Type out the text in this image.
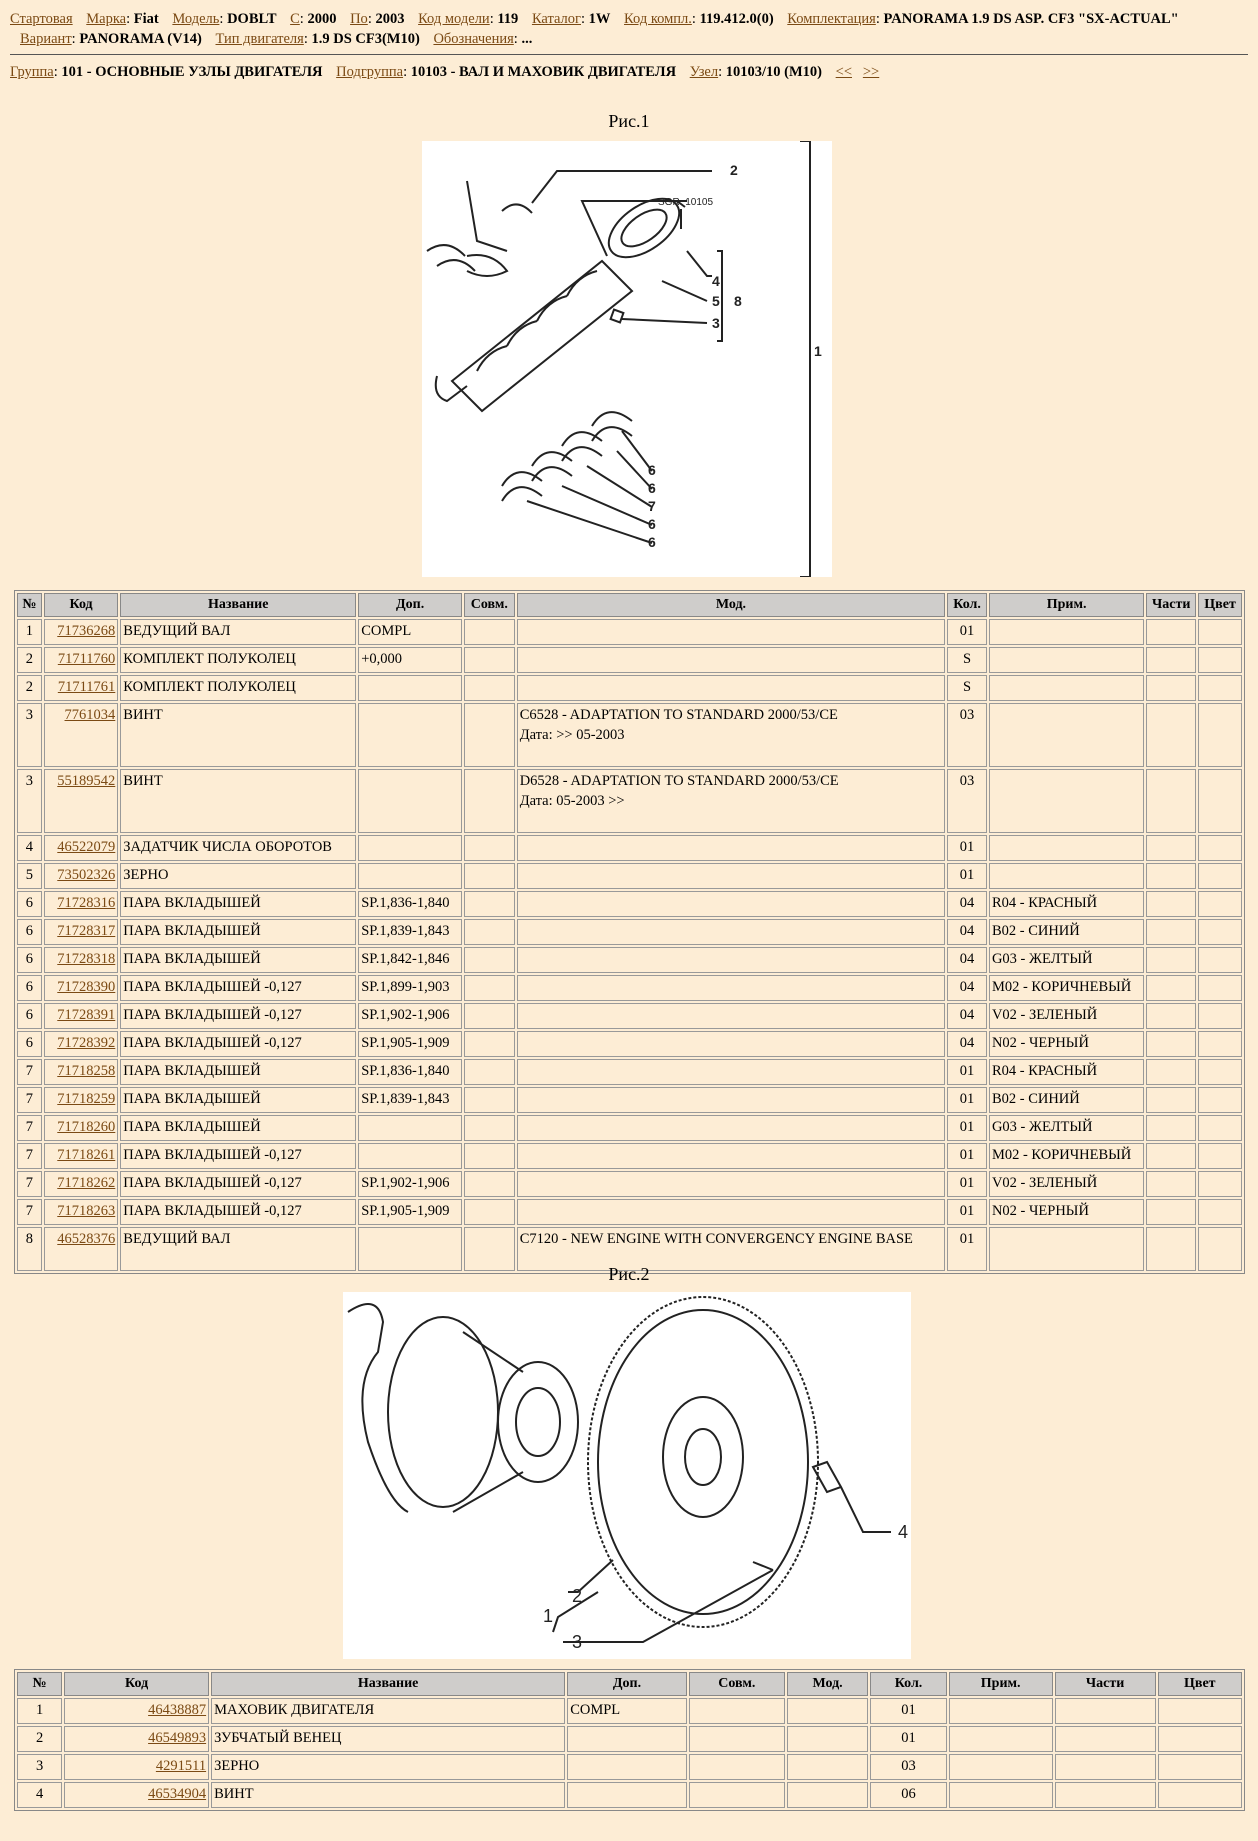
Стартовая Марка: Fiat Модель: DOBLT С: 2000 По: 2003 Код модели: 119 Каталог: 1W Код компл.: 119.412.0(0) Комплектация: PANORAMA 1.9 DS ASP. CF3 "SX-ACTUAL"
Вариант: PANORAMA (V14) Тип двигателя: 1.9 DS CF3(M10) Обозначения: ...
Группа: 101 - ОСНОВНЫЕ УЗЛЫ ДВИГАТЕЛЯ Подгруппа: 10103 - ВАЛ И МАХОВИК ДВИГАТЕЛЯ Узел: 10103/10 (M10) << >>
Рис.1
2
4
5
3
8
1
6
6
7
6
6
SGR. 10105
№	Код	Название	Доп.	Совм.	Мод.	Кол.	Прим.	Части	Цвет
1	71736268	ВЕДУЩИЙ ВАЛ	COMPL			01			
2	71711760	КОМПЛЕКТ ПОЛУКОЛЕЦ	+0,000			S			
2	71711761	КОМПЛЕКТ ПОЛУКОЛЕЦ				S			
3	7761034	ВИНТ			C6528 - ADAPTATION TO STANDARD 2000/53/CE
Дата: >> 05-2003	03			
3	55189542	ВИНТ			D6528 - ADAPTATION TO STANDARD 2000/53/CE
Дата: 05-2003 >>	03			
4	46522079	ЗАДАТЧИК ЧИСЛА ОБОРОТОВ				01			
5	73502326	ЗЕРНО				01			
6	71728316	ПАРА ВКЛАДЫШЕЙ	SP.1,836-1,840			04	R04 - КРАСНЫЙ		
6	71728317	ПАРА ВКЛАДЫШЕЙ	SP.1,839-1,843			04	B02 - СИНИЙ		
6	71728318	ПАРА ВКЛАДЫШЕЙ	SP.1,842-1,846			04	G03 - ЖЕЛТЫЙ		
6	71728390	ПАРА ВКЛАДЫШЕЙ -0,127	SP.1,899-1,903			04	M02 - КОРИЧНЕВЫЙ		
6	71728391	ПАРА ВКЛАДЫШЕЙ -0,127	SP.1,902-1,906			04	V02 - ЗЕЛЕНЫЙ		
6	71728392	ПАРА ВКЛАДЫШЕЙ -0,127	SP.1,905-1,909			04	N02 - ЧЕРНЫЙ		
7	71718258	ПАРА ВКЛАДЫШЕЙ	SP.1,836-1,840			01	R04 - КРАСНЫЙ		
7	71718259	ПАРА ВКЛАДЫШЕЙ	SP.1,839-1,843			01	B02 - СИНИЙ		
7	71718260	ПАРА ВКЛАДЫШЕЙ				01	G03 - ЖЕЛТЫЙ		
7	71718261	ПАРА ВКЛАДЫШЕЙ -0,127				01	M02 - КОРИЧНЕВЫЙ		
7	71718262	ПАРА ВКЛАДЫШЕЙ -0,127	SP.1,902-1,906			01	V02 - ЗЕЛЕНЫЙ		
7	71718263	ПАРА ВКЛАДЫШЕЙ -0,127	SP.1,905-1,909			01	N02 - ЧЕРНЫЙ		
8	46528376	ВЕДУЩИЙ ВАЛ			C7120 - NEW ENGINE WITH CONVERGENCY ENGINE BASE	01			
Рис.2
1
2
3
4
№	Код	Название	Доп.	Совм.	Мод.	Кол.	Прим.	Части	Цвет
1	46438887	МАХОВИК ДВИГАТЕЛЯ	COMPL			01			
2	46549893	ЗУБЧАТЫЙ ВЕНЕЦ				01			
3	4291511	ЗЕРНО				03			
4	46534904	ВИНТ				06			
